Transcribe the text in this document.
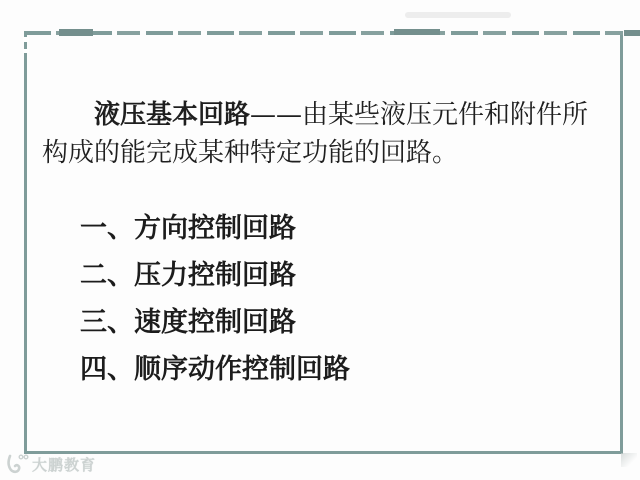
液压基本回路——由某些液压元件和附件所构成的能完成某种特定功能的回路。
一、方向控制回路
二、压力控制回路
三、速度控制回路
四、顺序动作控制回路
大鹏教育
